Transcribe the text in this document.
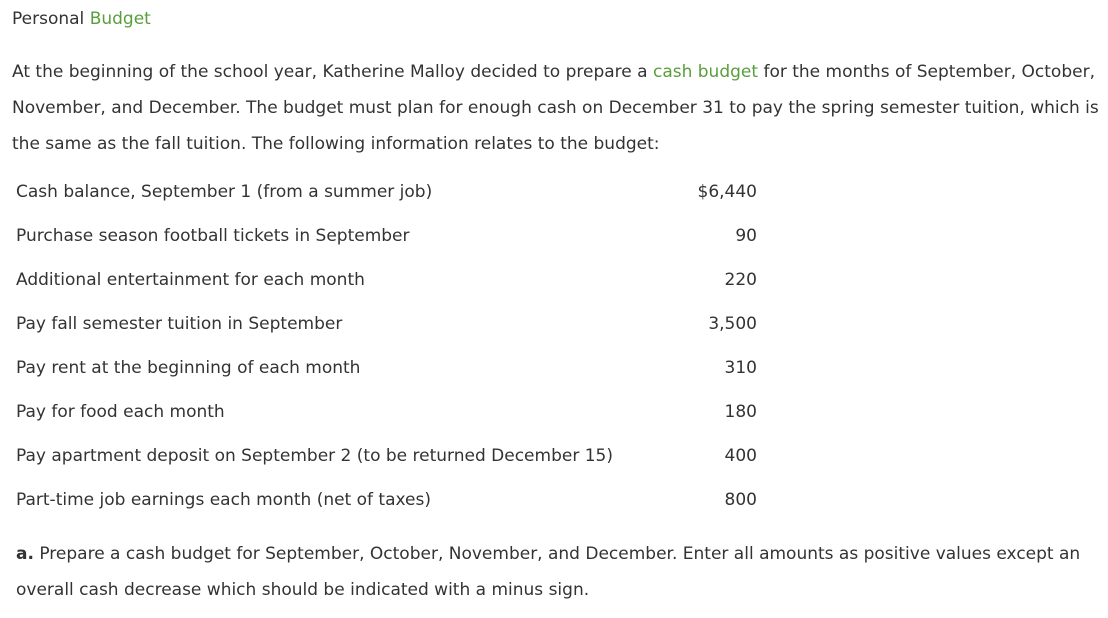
Personal Budget
At the beginning of the school year, Katherine Malloy decided to prepare a cash budget for the months of September, October, November, and December. The budget must plan for enough cash on December 31 to pay the spring semester tuition, which is the same as the fall tuition. The following information relates to the budget:
Cash balance, September 1 (from a summer job)	$6,440
Purchase season football tickets in September	90
Additional entertainment for each month	220
Pay fall semester tuition in September	3,500
Pay rent at the beginning of each month	310
Pay for food each month	180
Pay apartment deposit on September 2 (to be returned December 15)	400
Part-time job earnings each month (net of taxes)	800
a. Prepare a cash budget for September, October, November, and December. Enter all amounts as positive values except an overall cash decrease which should be indicated with a minus sign.
